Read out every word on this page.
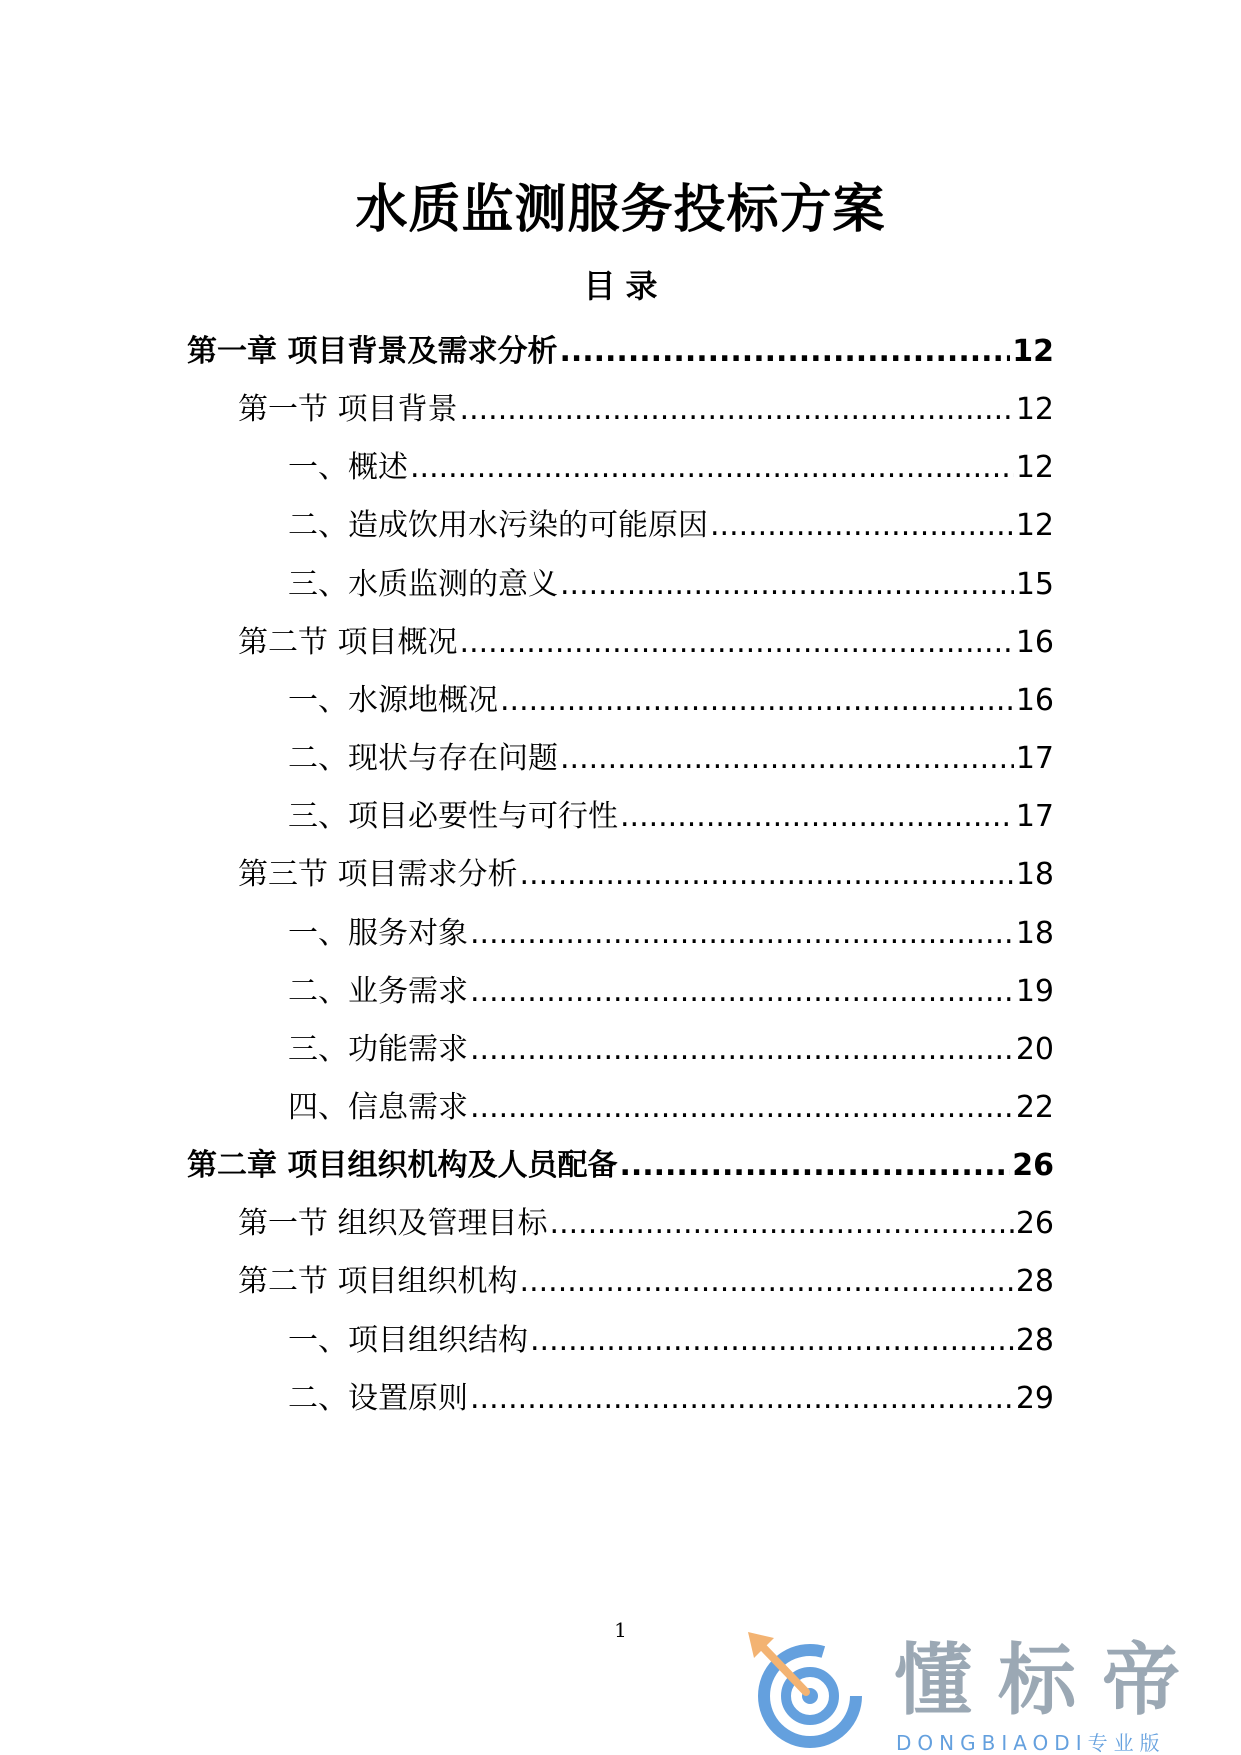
水质监测服务投标方案
目录
第一章 项目背景及需求分析 .....	12
第一节 项目背景 .....	12
一、概述 .....	12
二、造成饮用水污染的可能原因 .....	12
三、水质监测的意义 .....	15
第二节 项目概况 .....	16
一、水源地概况 .....	16
二、现状与存在问题 .....	17
三、项目必要性与可行性 .....	17
第三节 项目需求分析 .....	18
一、服务对象 .....	18
二、业务需求 .....	19
三、功能需求 .....	20
四、信息需求 .....	22
第二章 项目组织机构及人员配备 .....	26
第一节 组织及管理目标 .....	26
第二节 项目组织机构 .....	28
一、项目组织结构 .....	28
二、设置原则 .....	29
1
懂标帝
DONGBIAODI专业版
